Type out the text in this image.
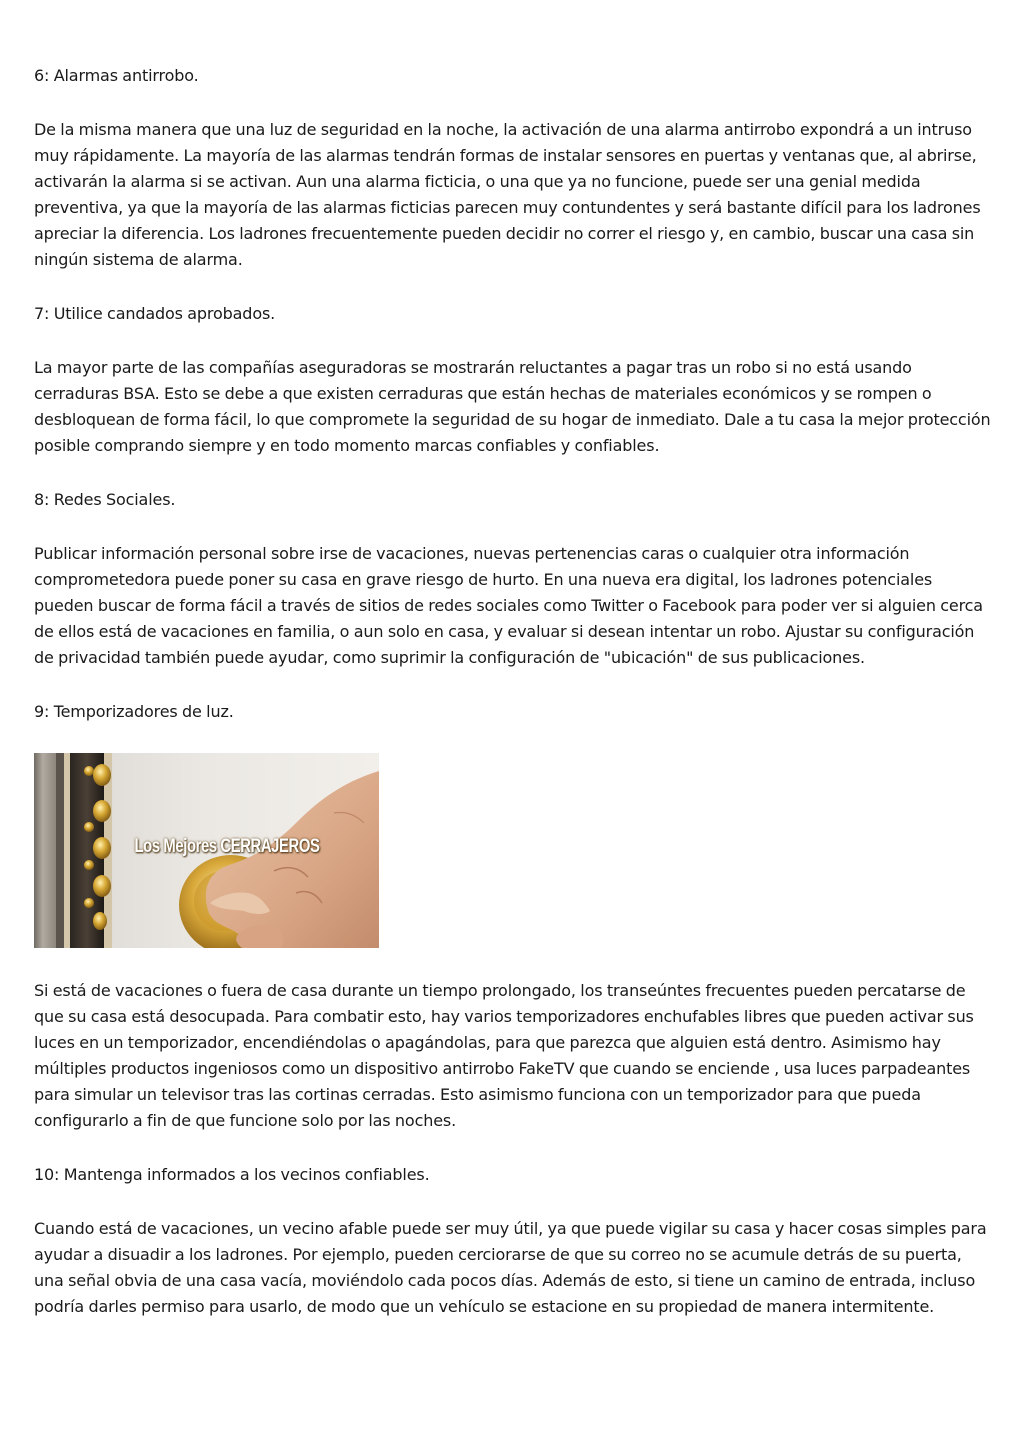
6: Alarmas antirrobo.

De la misma manera que una luz de seguridad en la noche, la activación de una alarma antirrobo expondrá a un intruso muy rápidamente. La mayoría de las alarmas tendrán formas de instalar sensores en puertas y ventanas que, al abrirse, activarán la alarma si se activan. Aun una alarma ficticia, o una que ya no funcione, puede ser una genial medida preventiva, ya que la mayoría de las alarmas ficticias parecen muy contundentes y será bastante difícil para los ladrones apreciar la diferencia. Los ladrones frecuentemente pueden decidir no correr el riesgo y, en cambio, buscar una casa sin ningún sistema de alarma.

7: Utilice candados aprobados.

La mayor parte de las compañías aseguradoras se mostrarán reluctantes a pagar tras un robo si no está usando cerraduras BSA. Esto se debe a que existen cerraduras que están hechas de materiales económicos y se rompen o desbloquean de forma fácil, lo que compromete la seguridad de su hogar de inmediato. Dale a tu casa la mejor protección posible comprando siempre y en todo momento marcas confiables y confiables.

8: Redes Sociales.

Publicar información personal sobre irse de vacaciones, nuevas pertenencias caras o cualquier otra información comprometedora puede poner su casa en grave riesgo de hurto. En una nueva era digital, los ladrones potenciales pueden buscar de forma fácil a través de sitios de redes sociales como Twitter o Facebook para poder ver si alguien cerca de ellos está de vacaciones en familia, o aun solo en casa, y evaluar si desean intentar un robo. Ajustar su configuración de privacidad también puede ayudar, como suprimir la configuración de "ubicación" de sus publicaciones.

9: Temporizadores de luz.

Los Mejores CERRAJEROS

Si está de vacaciones o fuera de casa durante un tiempo prolongado, los transeúntes frecuentes pueden percatarse de que su casa está desocupada. Para combatir esto, hay varios temporizadores enchufables libres que pueden activar sus luces en un temporizador, encendiéndolas o apagándolas, para que parezca que alguien está dentro. Asimismo hay múltiples productos ingeniosos como un dispositivo antirrobo FakeTV que cuando se enciende , usa luces parpadeantes para simular un televisor tras las cortinas cerradas. Esto asimismo funciona con un temporizador para que pueda configurarlo a fin de que funcione solo por las noches.

10: Mantenga informados a los vecinos confiables.

Cuando está de vacaciones, un vecino afable puede ser muy útil, ya que puede vigilar su casa y hacer cosas simples para ayudar a disuadir a los ladrones. Por ejemplo, pueden cerciorarse de que su correo no se acumule detrás de su puerta, una señal obvia de una casa vacía, moviéndolo cada pocos días. Además de esto, si tiene un camino de entrada, incluso podría darles permiso para usarlo, de modo que un vehículo se estacione en su propiedad de manera intermitente.
